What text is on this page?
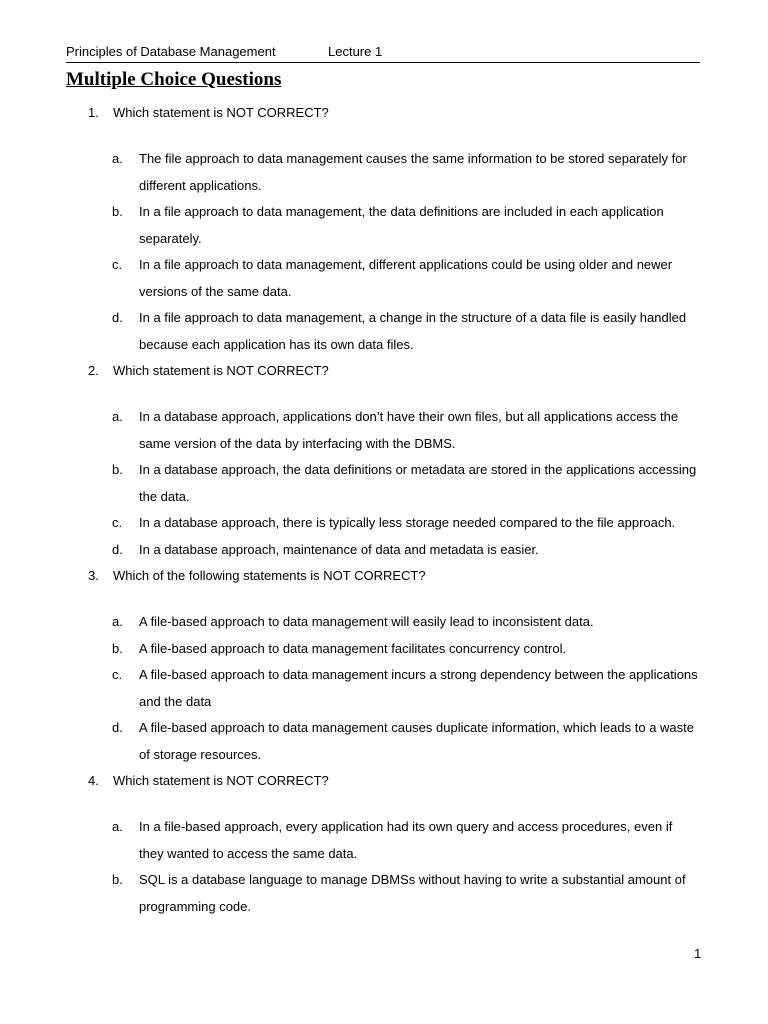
Principles of Database Management	Lecture 1
Multiple Choice Questions
1. Which statement is NOT CORRECT?
a. The file approach to data management causes the same information to be stored separately for different applications.
b. In a file approach to data management, the data definitions are included in each application separately.
c. In a file approach to data management, different applications could be using older and newer versions of the same data.
d. In a file approach to data management, a change in the structure of a data file is easily handled because each application has its own data files.
2. Which statement is NOT CORRECT?
a. In a database approach, applications don’t have their own files, but all applications access the same version of the data by interfacing with the DBMS.
b. In a database approach, the data definitions or metadata are stored in the applications accessing the data.
c. In a database approach, there is typically less storage needed compared to the file approach.
d. In a database approach, maintenance of data and metadata is easier.
3. Which of the following statements is NOT CORRECT?
a. A file-based approach to data management will easily lead to inconsistent data.
b. A file-based approach to data management facilitates concurrency control.
c. A file-based approach to data management incurs a strong dependency between the applications and the data
d. A file-based approach to data management causes duplicate information, which leads to a waste of storage resources.
4. Which statement is NOT CORRECT?
a. In a file-based approach, every application had its own query and access procedures, even if they wanted to access the same data.
b. SQL is a database language to manage DBMSs without having to write a substantial amount of programming code.
1
